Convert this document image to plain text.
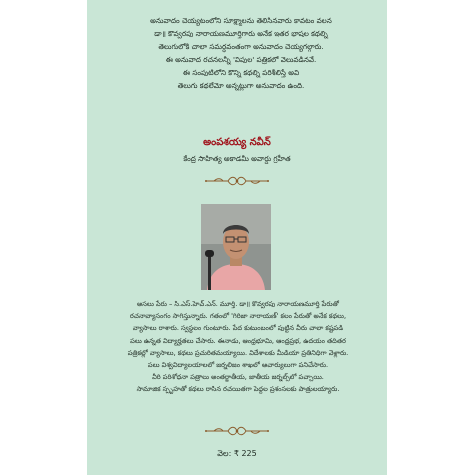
అనువాదం చెయ్యటంలోని సూక్ష్మాలను తెలిసినవారు కావటం వలన
డా॥ కొవ్వరపు నారాయణమూర్తిగారు అనేక ఇతర భాషల కథల్ని
తెలుగులోకి చాలా సమర్థవంతంగా అనువాదం చెయ్యగల్గారు.
ఈ అనువాద రచనలన్నీ 'విపుల' పత్రికలో వెలువడినవే.
ఈ సంపుటిలోని కొన్ని కథల్ని పరిశీలిస్తే అవి
తెలుగు కథలేమో అన్నట్లుగా అనువాదం ఉంది.
అంపశయ్య నవీన్
కేంద్ర సాహిత్య అకాడమీ అవార్డు గ్రహీత
అసలు పేరు – సి.ఎస్.హెచ్.ఎన్. మూర్తి. డా॥ కొవ్వరపు నారాయణమూర్తి పేరుతో
రచనావ్యాసంగం సాగిస్తున్నారు. గతంలో 'గిరిజా నారాయణ్' కలం పేరుతో అనేక కథలు,
వ్యాసాలు రాశారు. స్వస్థలం గుంటూరు. పేద కుటుంబంలో పుట్టిన వీరు చాలా కష్టపడి
పలు ఉన్నత విద్యార్హతలు చేసారు. ఈనాడు, ఆంధ్రభూమి, ఆంధ్రప్రభ, ఉదయం తదితర
పత్రికల్లో వ్యాసాలు, కథలు ప్రచురితమయ్యాయి. విదేశాలకు మీడియా ప్రతినిధిగా వెళ్లారు.
పలు విశ్వవిద్యాలయాలలో జర్నలిజం శాఖలో ఆచార్యులుగా పనిచేసారు.
వీరి పరిశోధనా పత్రాలు అంతర్జాతీయ, జాతీయ జర్నల్స్‌లో పచ్చాయి.
సామాజిక స్పృహతో కథలు రాసిన రచయితగా పెద్దల ప్రశంసలకు పాత్రులయ్యారు.
వెల: ₹ 225
